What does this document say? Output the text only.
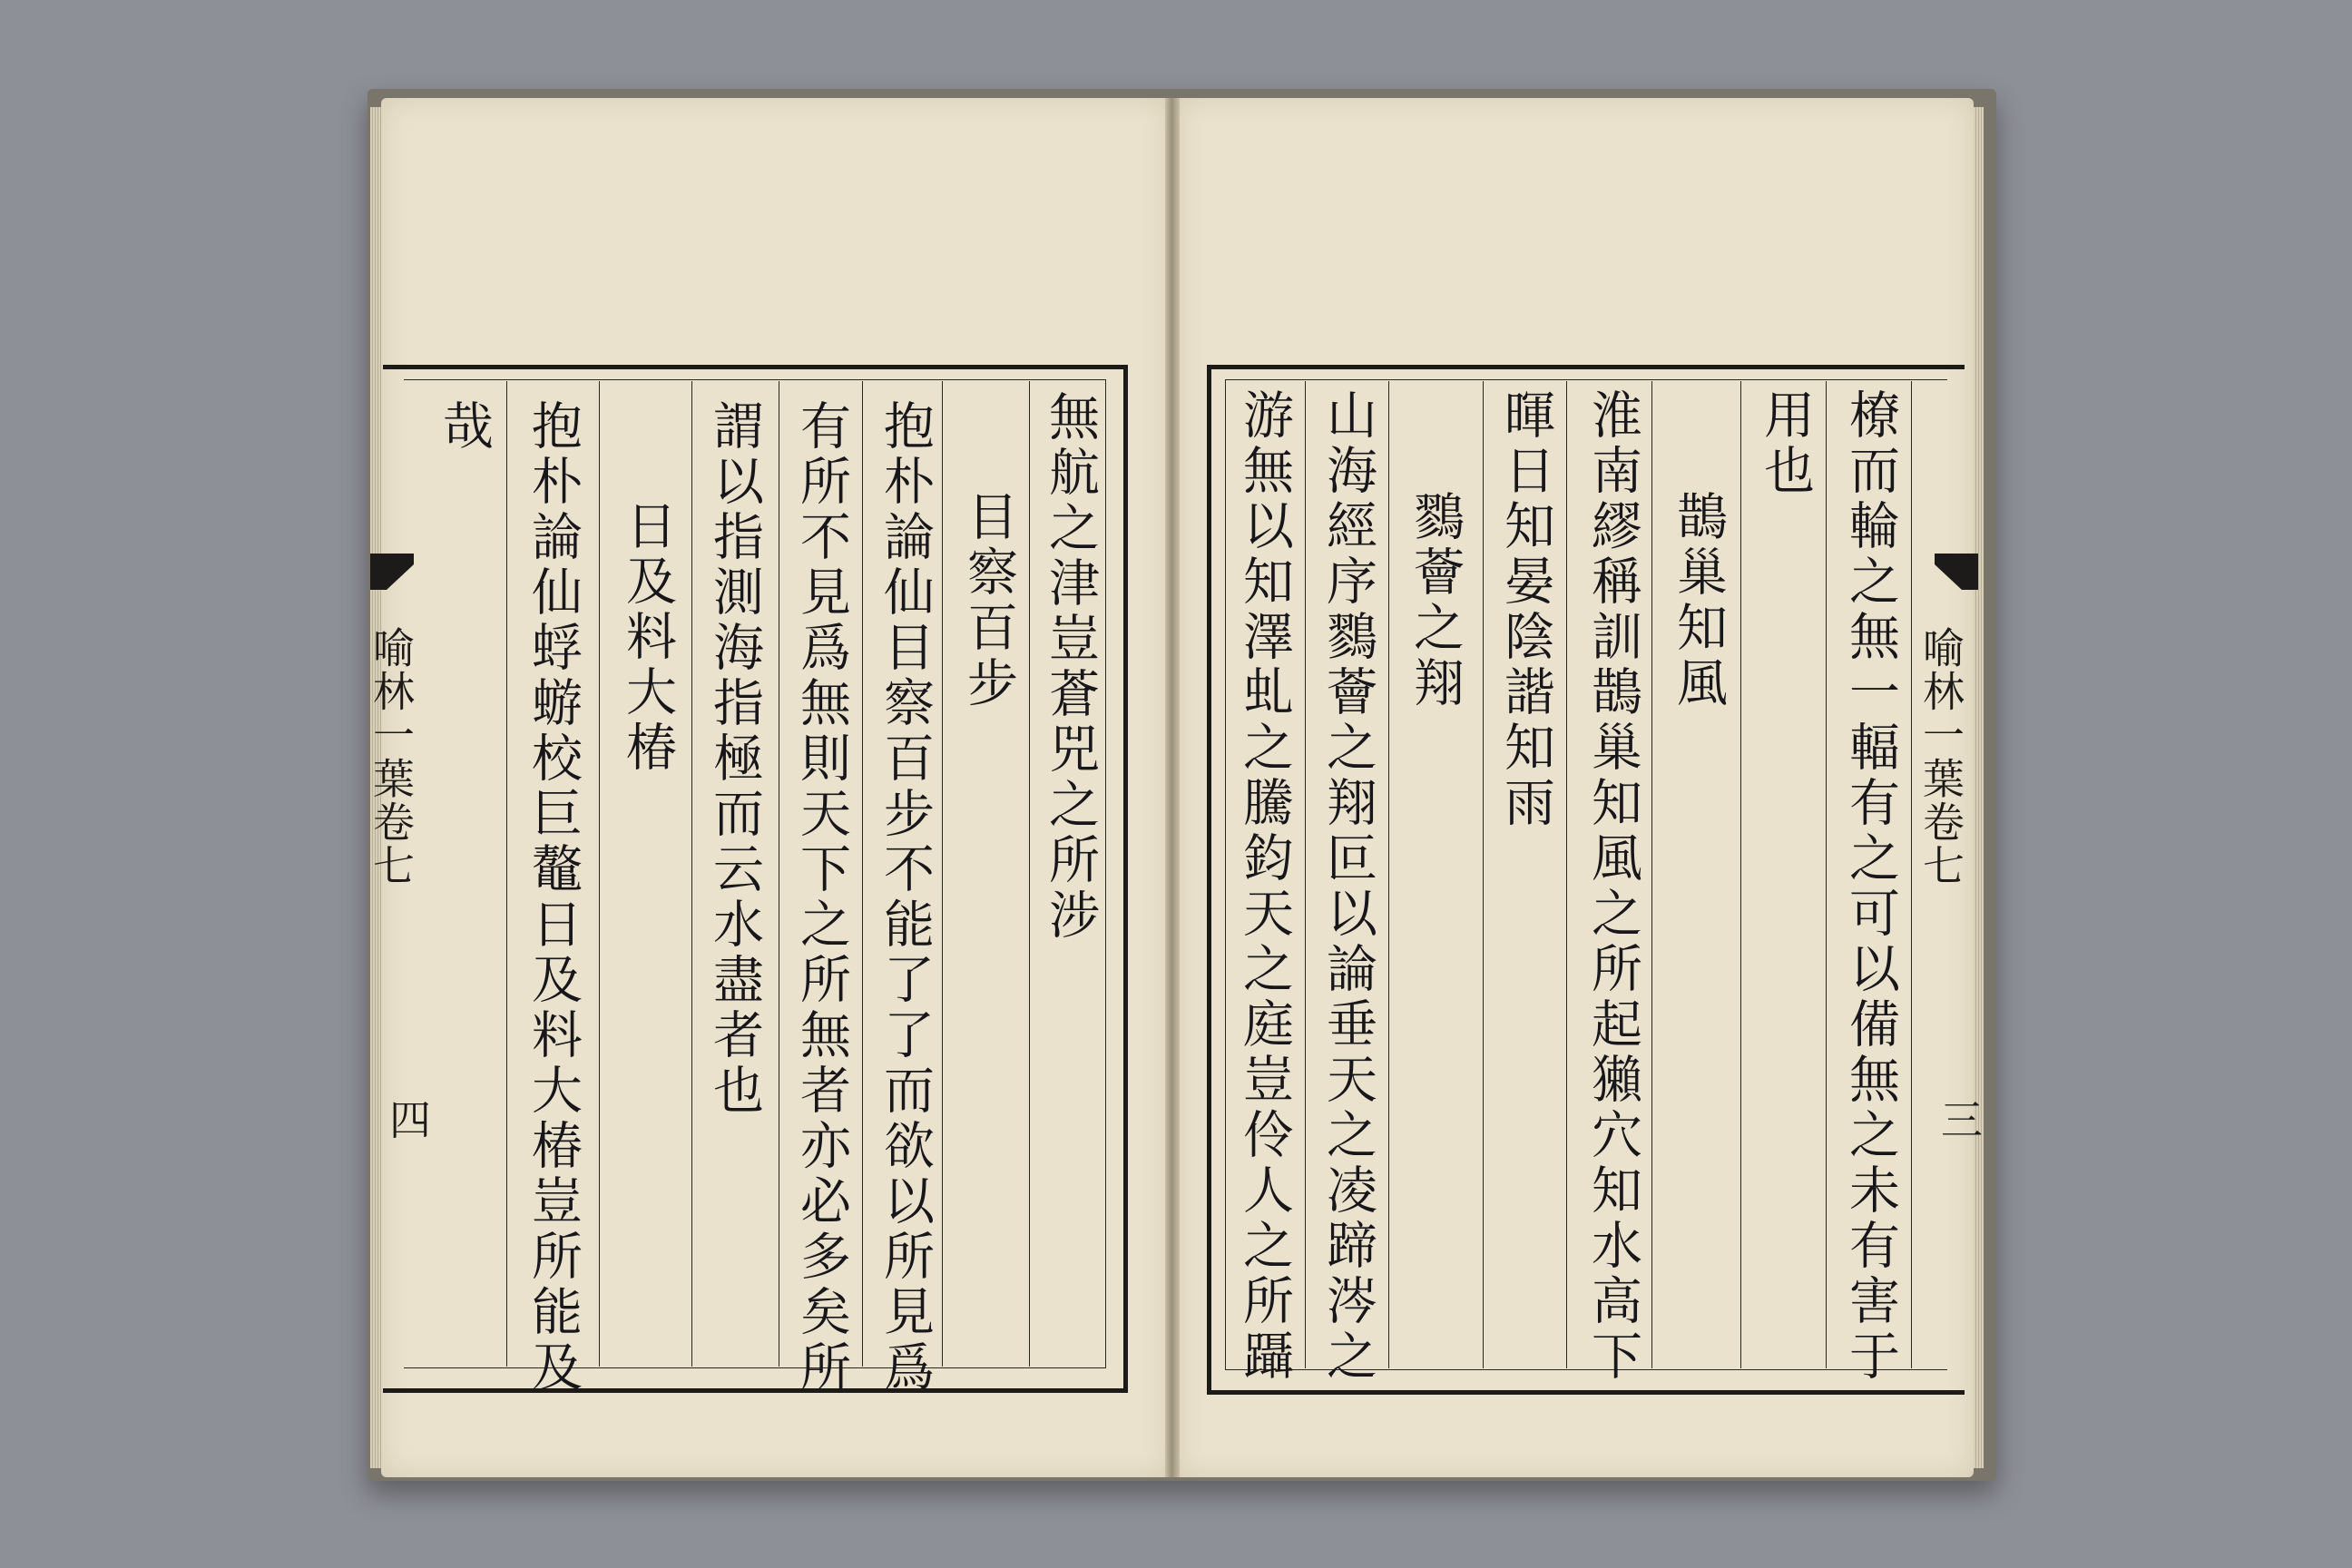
喻林一葉卷七
四
無航之津豈蒼兕之所涉
目察百步
抱朴論仙目察百步不能了了而欲以所見爲
有所不見爲無則天下之所無者亦必多矣所
謂以指測海指極而云水盡者也
日及料大椿
抱朴論仙蜉蝣校巨鼇日及料大椿豈所能及
哉
喻林一葉卷七
三
橑而輪之無一輻有之可以備無之未有害于
用也
鵲巢知風
淮南繆稱訓鵲巢知風之所起獺穴知水高下
暉日知晏陰諧知雨
鷚薈之翔
山海經序鷚薈之翔叵以論垂天之凌蹄涔之
游無以知澤虬之騰鈞天之庭豈伶人之所躡
